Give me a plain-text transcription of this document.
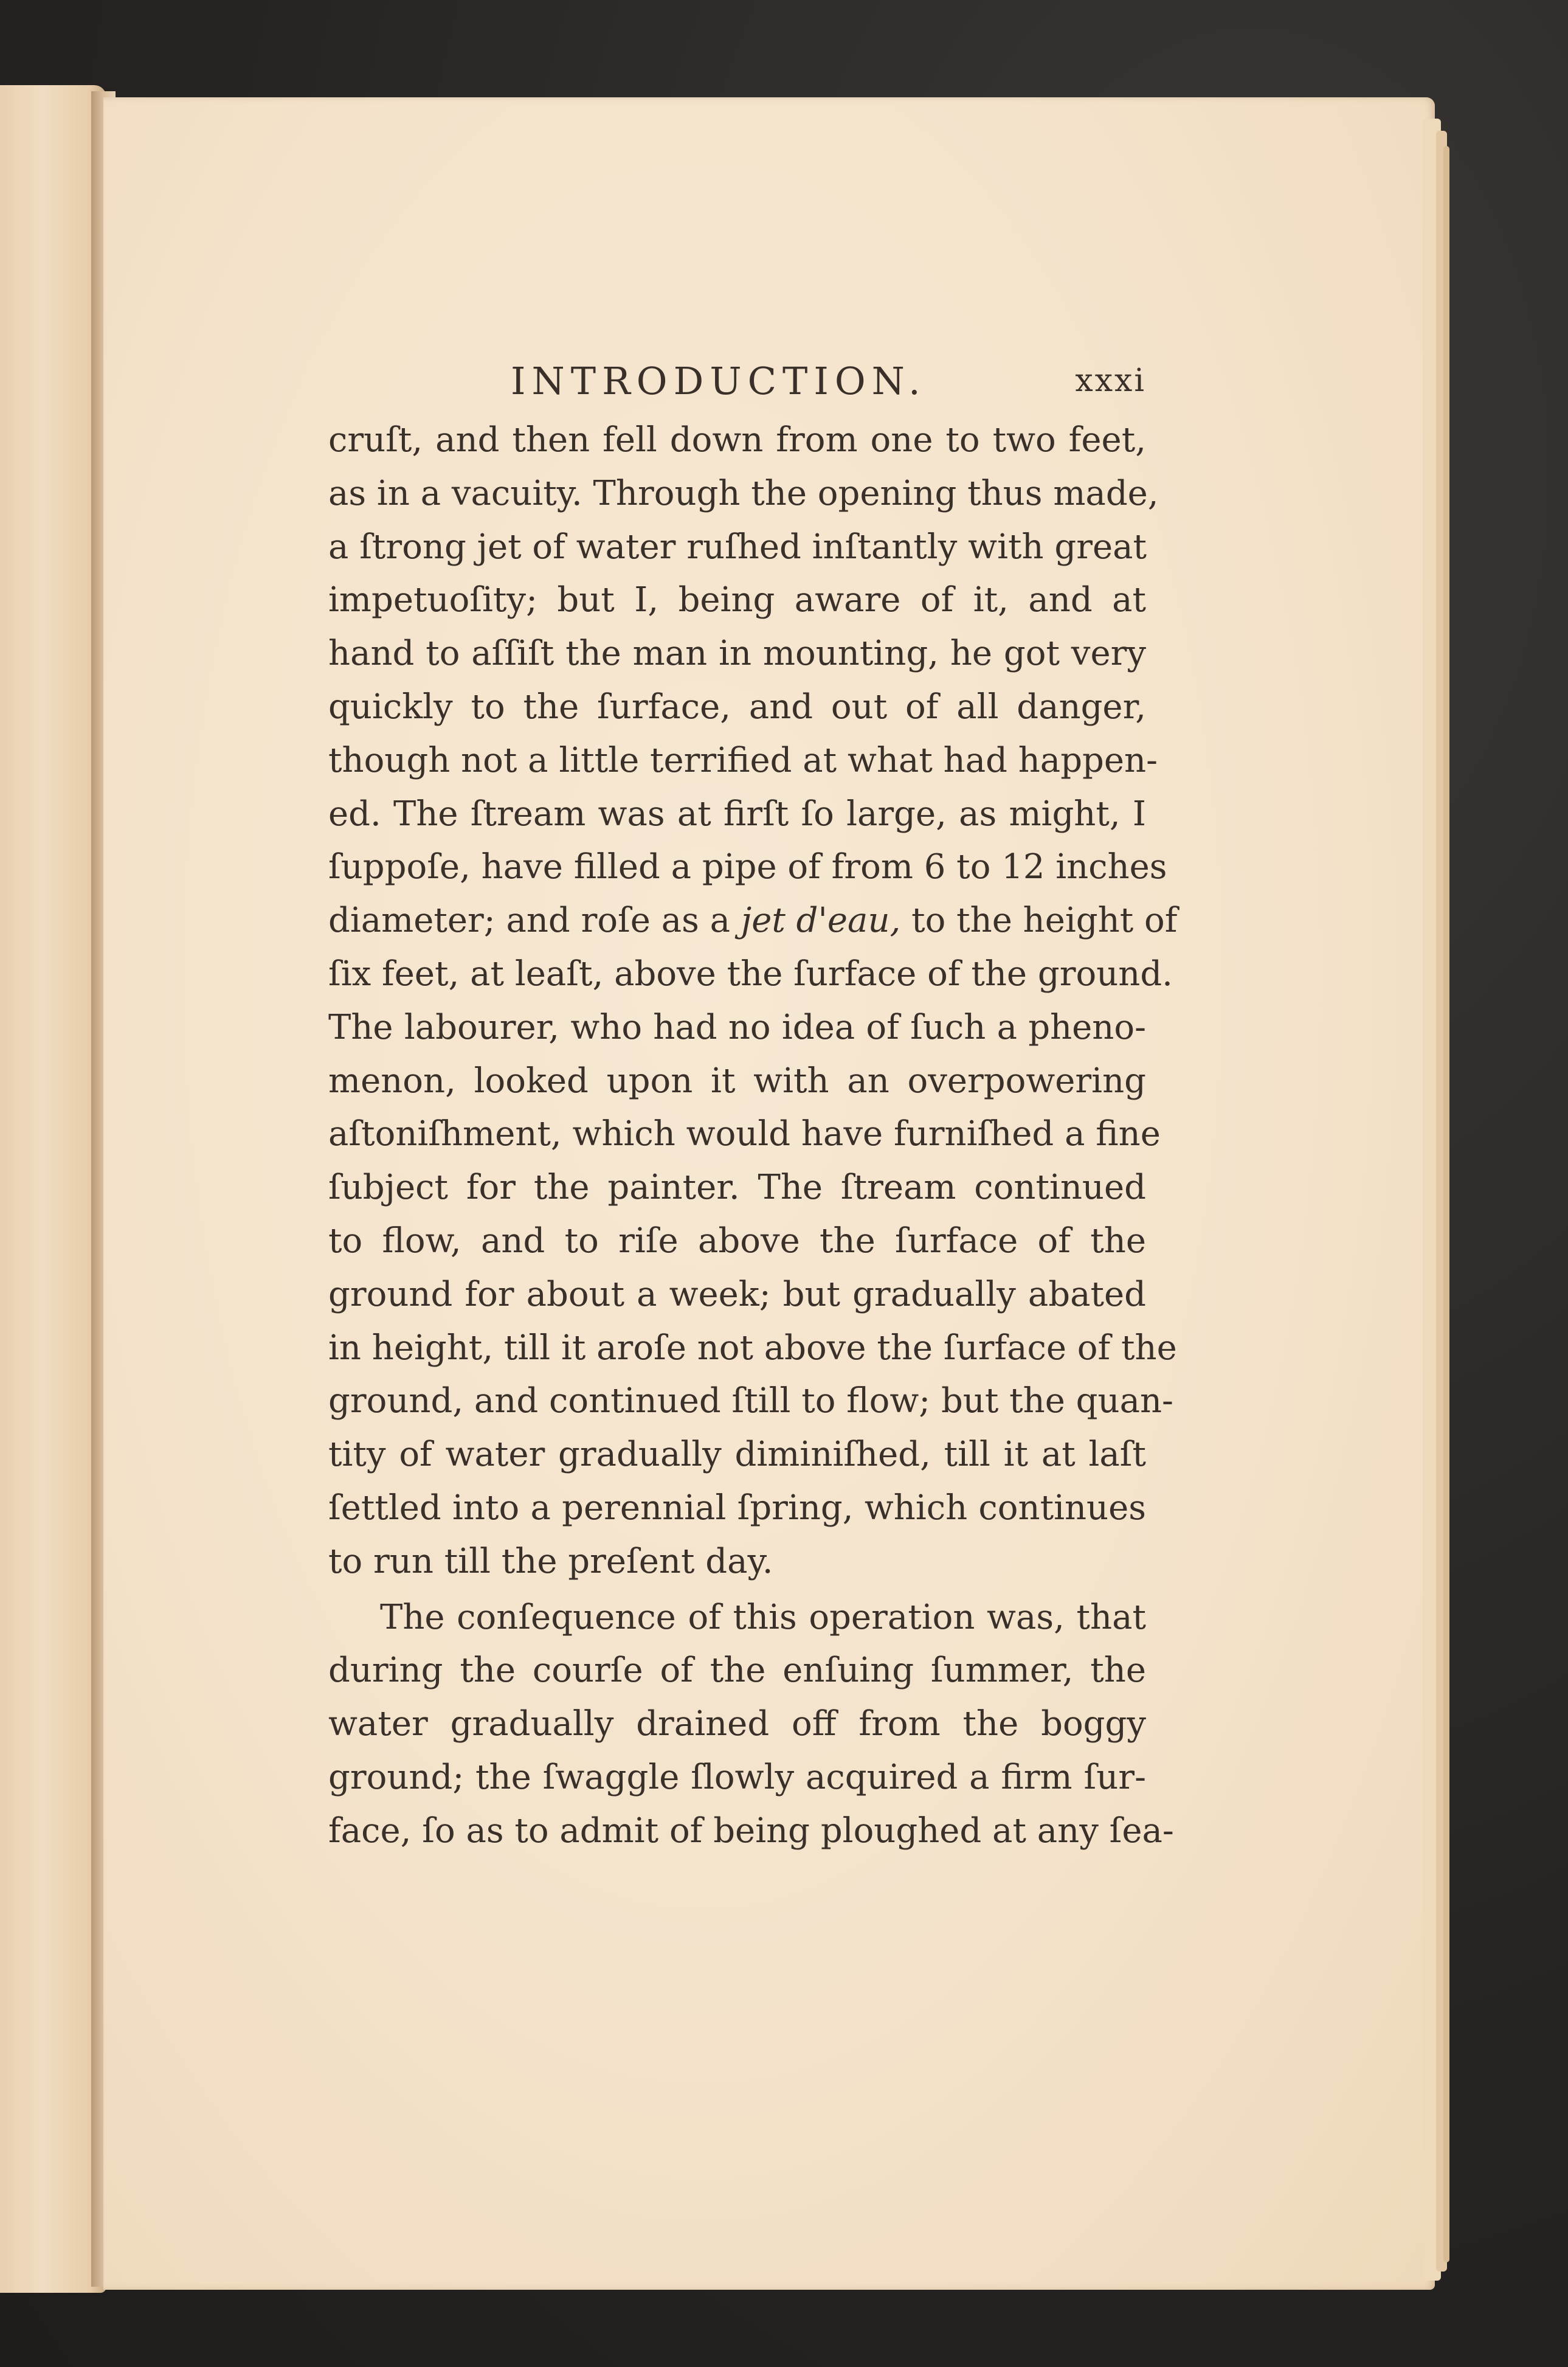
INTRODUCTION.	xxxi
cruſt, and then fell down from one to two feet,
as in a vacuity. Through the opening thus made,
a ſtrong jet of water ruſhed inſtantly with great
impetuoſity; but I, being aware of it, and at
hand to aſſiſt the man in mounting, he got very
quickly to the ſurface, and out of all danger,
though not a little terrified at what had happen-
ed. The ſtream was at firſt ſo large, as might, I
ſuppoſe, have filled a pipe of from 6 to 12 inches
diameter; and roſe as a jet d'eau, to the height of
ſix feet, at leaſt, above the ſurface of the ground.
The labourer, who had no idea of ſuch a pheno-
menon, looked upon it with an overpowering
aſtoniſhment, which would have furniſhed a fine
ſubject for the painter. The ſtream continued
to flow, and to riſe above the ſurface of the
ground for about a week; but gradually abated
in height, till it aroſe not above the ſurface of the
ground, and continued ſtill to flow; but the quan-
tity of water gradually diminiſhed, till it at laſt
ſettled into a perennial ſpring, which continues
to run till the preſent day.
The conſequence of this operation was, that
during the courſe of the enſuing ſummer, the
water gradually drained off from the boggy
ground; the ſwaggle ſlowly acquired a firm ſur-
face, ſo as to admit of being ploughed at any ſea-
